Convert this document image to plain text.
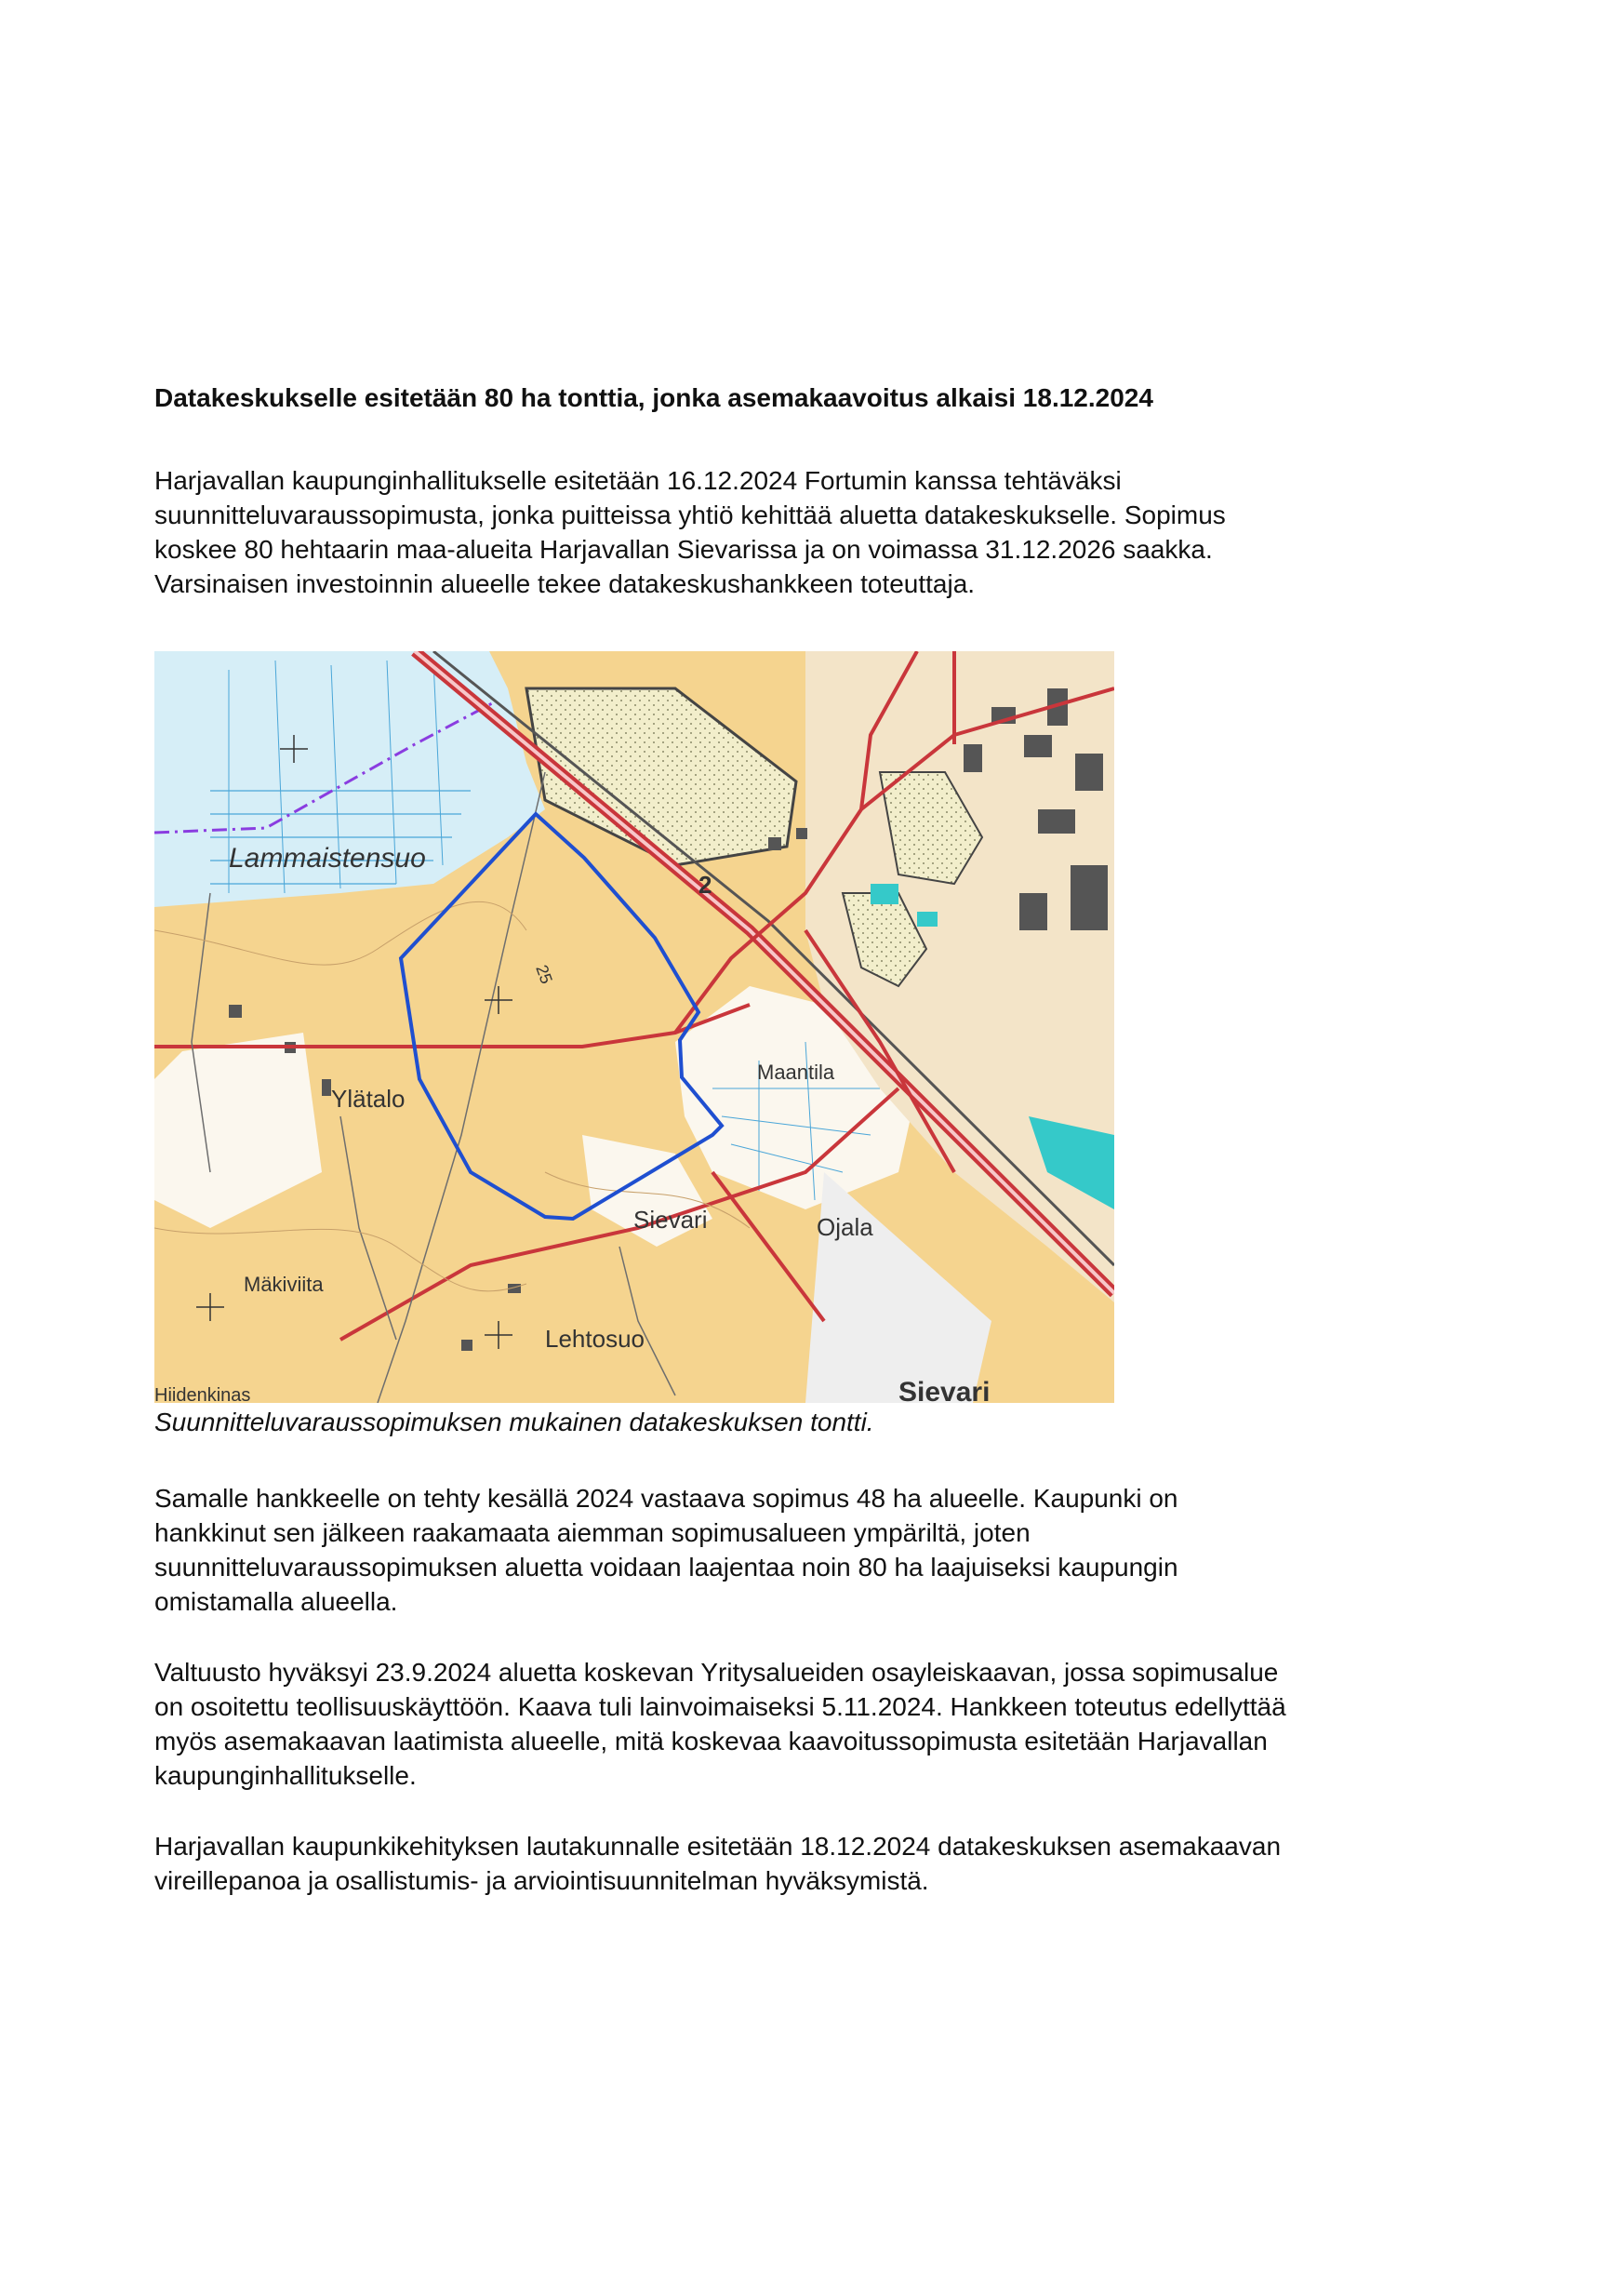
Datakeskukselle esitetään 80 ha tonttia, jonka asemakaavoitus alkaisi 18.12.2024

Harjavallan kaupunginhallitukselle esitetään 16.12.2024 Fortumin kanssa tehtäväksi
suunnitteluvaraussopimusta, jonka puitteissa yhtiö kehittää aluetta datakeskukselle. Sopimus
koskee 80 hehtaarin maa-alueita Harjavallan Sievarissa ja on voimassa 31.12.2026 saakka.
Varsinaisen investoinnin alueelle tekee datakeskushankkeen toteuttaja.

Lammaistensuo
Ylätalo
Maantila
Sievari	Ojala
Mäkiviita
Lehtosuo
Hiidenkinas	Sievari
25
2

Suunnitteluvaraussopimuksen mukainen datakeskuksen tontti.

Samalle hankkeelle on tehty kesällä 2024 vastaava sopimus 48 ha alueelle. Kaupunki on
hankkinut sen jälkeen raakamaata aiemman sopimusalueen ympäriltä, joten
suunnitteluvaraussopimuksen aluetta voidaan laajentaa noin 80 ha laajuiseksi kaupungin
omistamalla alueella.

Valtuusto hyväksyi 23.9.2024 aluetta koskevan Yritysalueiden osayleiskaavan, jossa sopimusalue
on osoitettu teollisuuskäyttöön. Kaava tuli lainvoimaiseksi 5.11.2024. Hankkeen toteutus edellyttää
myös asemakaavan laatimista alueelle, mitä koskevaa kaavoitussopimusta esitetään Harjavallan
kaupunginhallitukselle.

Harjavallan kaupunkikehityksen lautakunnalle esitetään 18.12.2024 datakeskuksen asemakaavan
vireillepanoa ja osallistumis- ja arviointisuunnitelman hyväksymistä.
